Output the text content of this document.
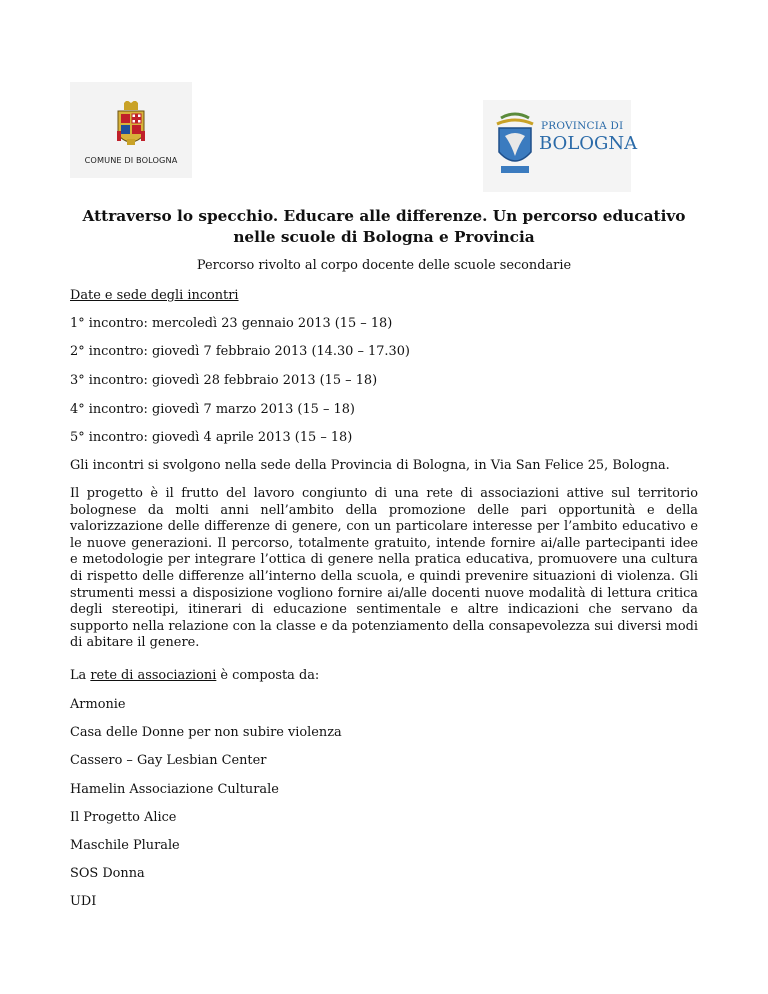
COMUNE DI BOLOGNA
PROVINCIA DI
BOLOGNA
Attraverso lo specchio. Educare alle differenze. Un percorso educativo nelle scuole di Bologna e Provincia
Percorso rivolto al corpo docente delle scuole secondarie
Date e sede degli incontri
1° incontro: mercoledì 23 gennaio 2013 (15 – 18)
2° incontro: giovedì 7 febbraio 2013 (14.30 – 17.30)
3° incontro: giovedì 28 febbraio 2013 (15 – 18)
4° incontro: giovedì 7 marzo 2013 (15 – 18)
5° incontro: giovedì 4 aprile 2013 (15 – 18)
Gli incontri si svolgono nella sede della Provincia di Bologna, in Via San Felice 25, Bologna.
Il progetto è il frutto del lavoro congiunto di una rete di associazioni attive sul territorio bolognese da molti anni nell’ambito della promozione delle pari opportunità e della valorizzazione delle differenze di genere, con un particolare interesse per l’ambito educativo e le nuove generazioni. Il percorso, totalmente gratuito, intende fornire ai/alle partecipanti idee e metodologie per integrare l’ottica di genere nella pratica educativa, promuovere una cultura di rispetto delle differenze all’interno della scuola, e quindi prevenire situazioni di violenza. Gli strumenti messi a disposizione vogliono fornire ai/alle docenti nuove modalità di lettura critica degli stereotipi, itinerari di educazione sentimentale e altre indicazioni che servano da supporto nella relazione con la classe e da potenziamento della consapevolezza sui diversi modi di abitare il genere.
La rete di associazioni è composta da:
Armonie
Casa delle Donne per non subire violenza
Cassero – Gay Lesbian Center
Hamelin Associazione Culturale
Il Progetto Alice
Maschile Plurale
SOS Donna
UDI
